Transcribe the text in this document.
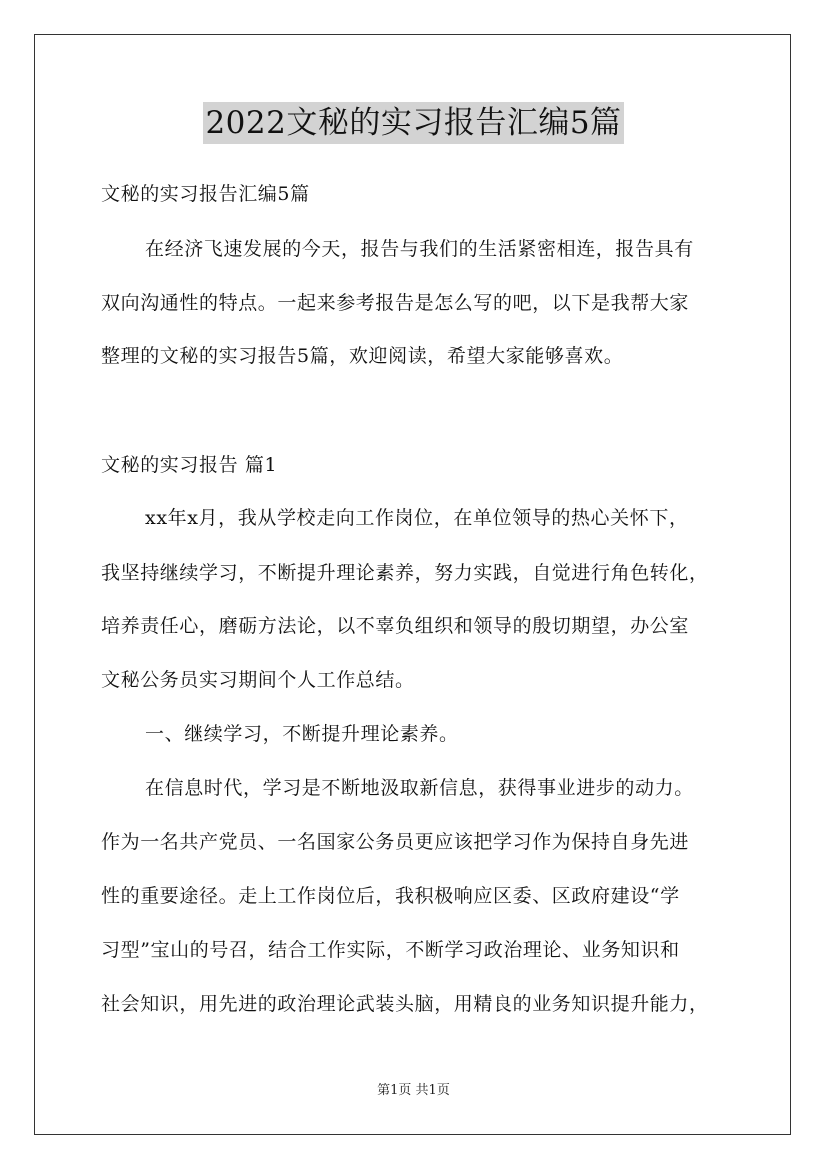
2022文秘的实习报告汇编5篇
文秘的实习报告汇编5篇
在经济飞速发展的今天，报告与我们的生活紧密相连，报告具有
双向沟通性的特点。一起来参考报告是怎么写的吧，以下是我帮大家
整理的文秘的实习报告5篇，欢迎阅读，希望大家能够喜欢。
文秘的实习报告 篇1
xx年x月，我从学校走向工作岗位，在单位领导的热心关怀下，
我坚持继续学习，不断提升理论素养，努力实践，自觉进行角色转化，
培养责任心，磨砺方法论，以不辜负组织和领导的殷切期望，办公室
文秘公务员实习期间个人工作总结。
一、继续学习，不断提升理论素养。
在信息时代，学习是不断地汲取新信息，获得事业进步的动力。
作为一名共产党员、一名国家公务员更应该把学习作为保持自身先进
性的重要途径。走上工作岗位后，我积极响应区委、区政府建设“学
习型”宝山的号召，结合工作实际，不断学习政治理论、业务知识和
社会知识，用先进的政治理论武装头脑，用精良的业务知识提升能力，
第1页 共1页
